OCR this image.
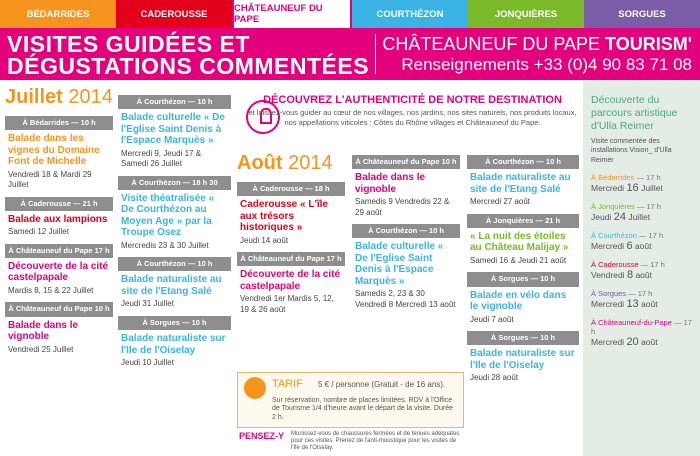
BÉDARRIDES	CADEROUSSE	CHÂTEAUNEUF DU PAPE	COURTHÉZON	JONQUIÈRES	SORGUES
VISITES GUIDÉES ET
DÉGUSTATIONS COMMENTÉES
CHÂTEAUNEUF DU PAPE TOURISM'
Renseignements +33 (0)4 90 83 71 08
Juillet 2014
À Bédarrides — 10 h
Balade dans les vignes du Domaine Font de Michelle
Vendredi 18 & Mardi 29 Juillet
À Caderousse — 21 h
Balade aux lampions
Samedi 12 Juillet
À Châteauneuf du Pape 17 h
Découverte de la cité castelpapale
Mardis 8, 15 & 22 Juillet
À Châteauneuf du Pape 10 h
Balade dans le vignoble
Vendredi 25 Juillet
À Courthézon — 10 h
Balade culturelle « De l'Eglise Saint Denis à l'Espace Marquès »
Mercredi 9, Jeudi 17 & Samedi 26 Juillet
À Courthézon — 18 h 30
Visite théatralisée « De Courthézon au Moyen Age » par la Troupe Osez
Mercredis 23 & 30 Juillet
À Courthézon — 10 h
Balade naturaliste au site de l'Etang Salé
Jeudi 31 Juillet
À Sorgues — 10 h
Balade naturaliste sur l'Ile de l'Oiselay
Jeudi 10 Juillet
DÉCOUVREZ L'AUTHENTICITÉ DE NOTRE DESTINATION
et laissez-vous guider au cœur de nos villages, nos jardins, nos sites naturels, nos produits locaux, nos appellations viticoles : Côtes du Rhône villages et Châteauneuf du Pape.
Août 2014
À Caderousse — 18 h
Caderousse « L'île aux trésors historiques »
Jeudi 14 août
À Châteauneuf du Pape 17 h
Découverte de la cité castelpapale
Vendredi 1er Mardis 5, 12, 19 & 26 août
À Châteauneuf du Pape 10 h
Balade dans le vignoble
Samedis 9 Vendredis 22 & 29 août
À Courthézon — 10 h
Balade culturelle « De l'Eglise Saint Denis à l'Espace Marquès »
Samedis 2, 23 & 30 Vendredi 8 Mercredi 13 août
À Courthézon — 10 h
Balade naturaliste au site de l'Etang Salé
Mercredi 27 août
À Jonquières — 21 h
« La nuit des étoiles au Château Malijay »
Samedi 16 & Jeudi 21 août
À Sorgues — 10 h
Balade en vélo dans le vignoble
Jeudi 7 août
À Sorgues — 10 h
Balade naturaliste sur l'Ile de l'Oiselay
Jeudi 28 août
TARIF 5 € / personne (Gratuit - de 16 ans).
Sur réservation, nombre de places limitées. RDV à l'Office de Tourisme 1/4 d'heure avant le départ de la visite. Durée 2 h.
PENSEZ-Y Munissez-vous de chaussures fermées et de tenues adéquates pour ces visites. Prenez de l'anti-moustique pour les visites de l'Ile de l'Oiselay.
Découverte du parcours artistique d'Ulla Reimer
Visite commentée des installations Vision_ d'Ulla Reimer
À Bédarrides — 17 h
Mercredi 16 Juillet
À Jonquières — 17 h
Jeudi 24 Juillet
À Courthézon — 17 h
Mercredi 6 août
À Caderousse — 17 h
Vendredi 8 août
À Sorgues — 17 h
Mercredi 13 août
À Châteauneuf-du-Pape — 17 h
Mercredi 20 août
